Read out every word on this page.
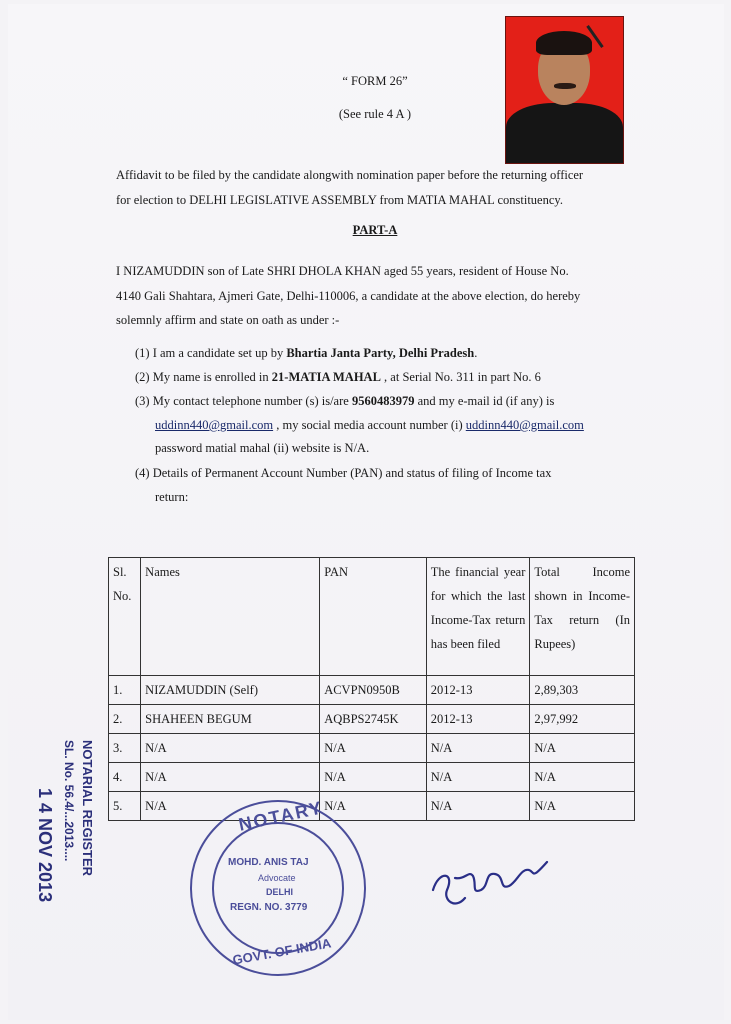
“ FORM 26”
(See rule 4 A )
Affidavit to be filed by the candidate alongwith nomination paper before the returning officer
for election to DELHI LEGISLATIVE ASSEMBLY from MATIA MAHAL constituency.
PART-A
I NIZAMUDDIN son of Late SHRI DHOLA KHAN aged 55 years, resident of House No.
4140 Gali Shahtara, Ajmeri Gate, Delhi-110006, a candidate at the above election, do hereby
solemnly affirm and state on oath as under :-
(1) I am a candidate set up by Bhartia Janta Party, Delhi Pradesh.
(2) My name is enrolled in 21-MATIA MAHAL , at Serial No. 311 in part No. 6
(3) My contact telephone number (s) is/are 9560483979 and my e-mail id (if any) is
uddinn440@gmail.com , my social media account number (i) uddinn440@gmail.com
password matial mahal (ii) website is N/A.
(4) Details of Permanent Account Number (PAN) and status of filing of Income tax
return:
Sl. No.	Names	PAN	The financial year for which the last Income-Tax return has been filed	Total Income shown in Income-Tax return (In Rupees)
1.	NIZAMUDDIN (Self)	ACVPN0950B	2012-13	2,89,303
2.	SHAHEEN BEGUM	AQBPS2745K	2012-13	2,97,992
3.	N/A	N/A	N/A	N/A
4.	N/A	N/A	N/A	N/A
5.	N/A	N/A	N/A	N/A
NOTARIAL REGISTER
SL. No. 56.4/...2013....
1 4 NOV 2013	NOTARY
MOHD. ANIS TAJ
Advocate
DELHI
REGN. NO. 3779
GOVT. OF INDIA
